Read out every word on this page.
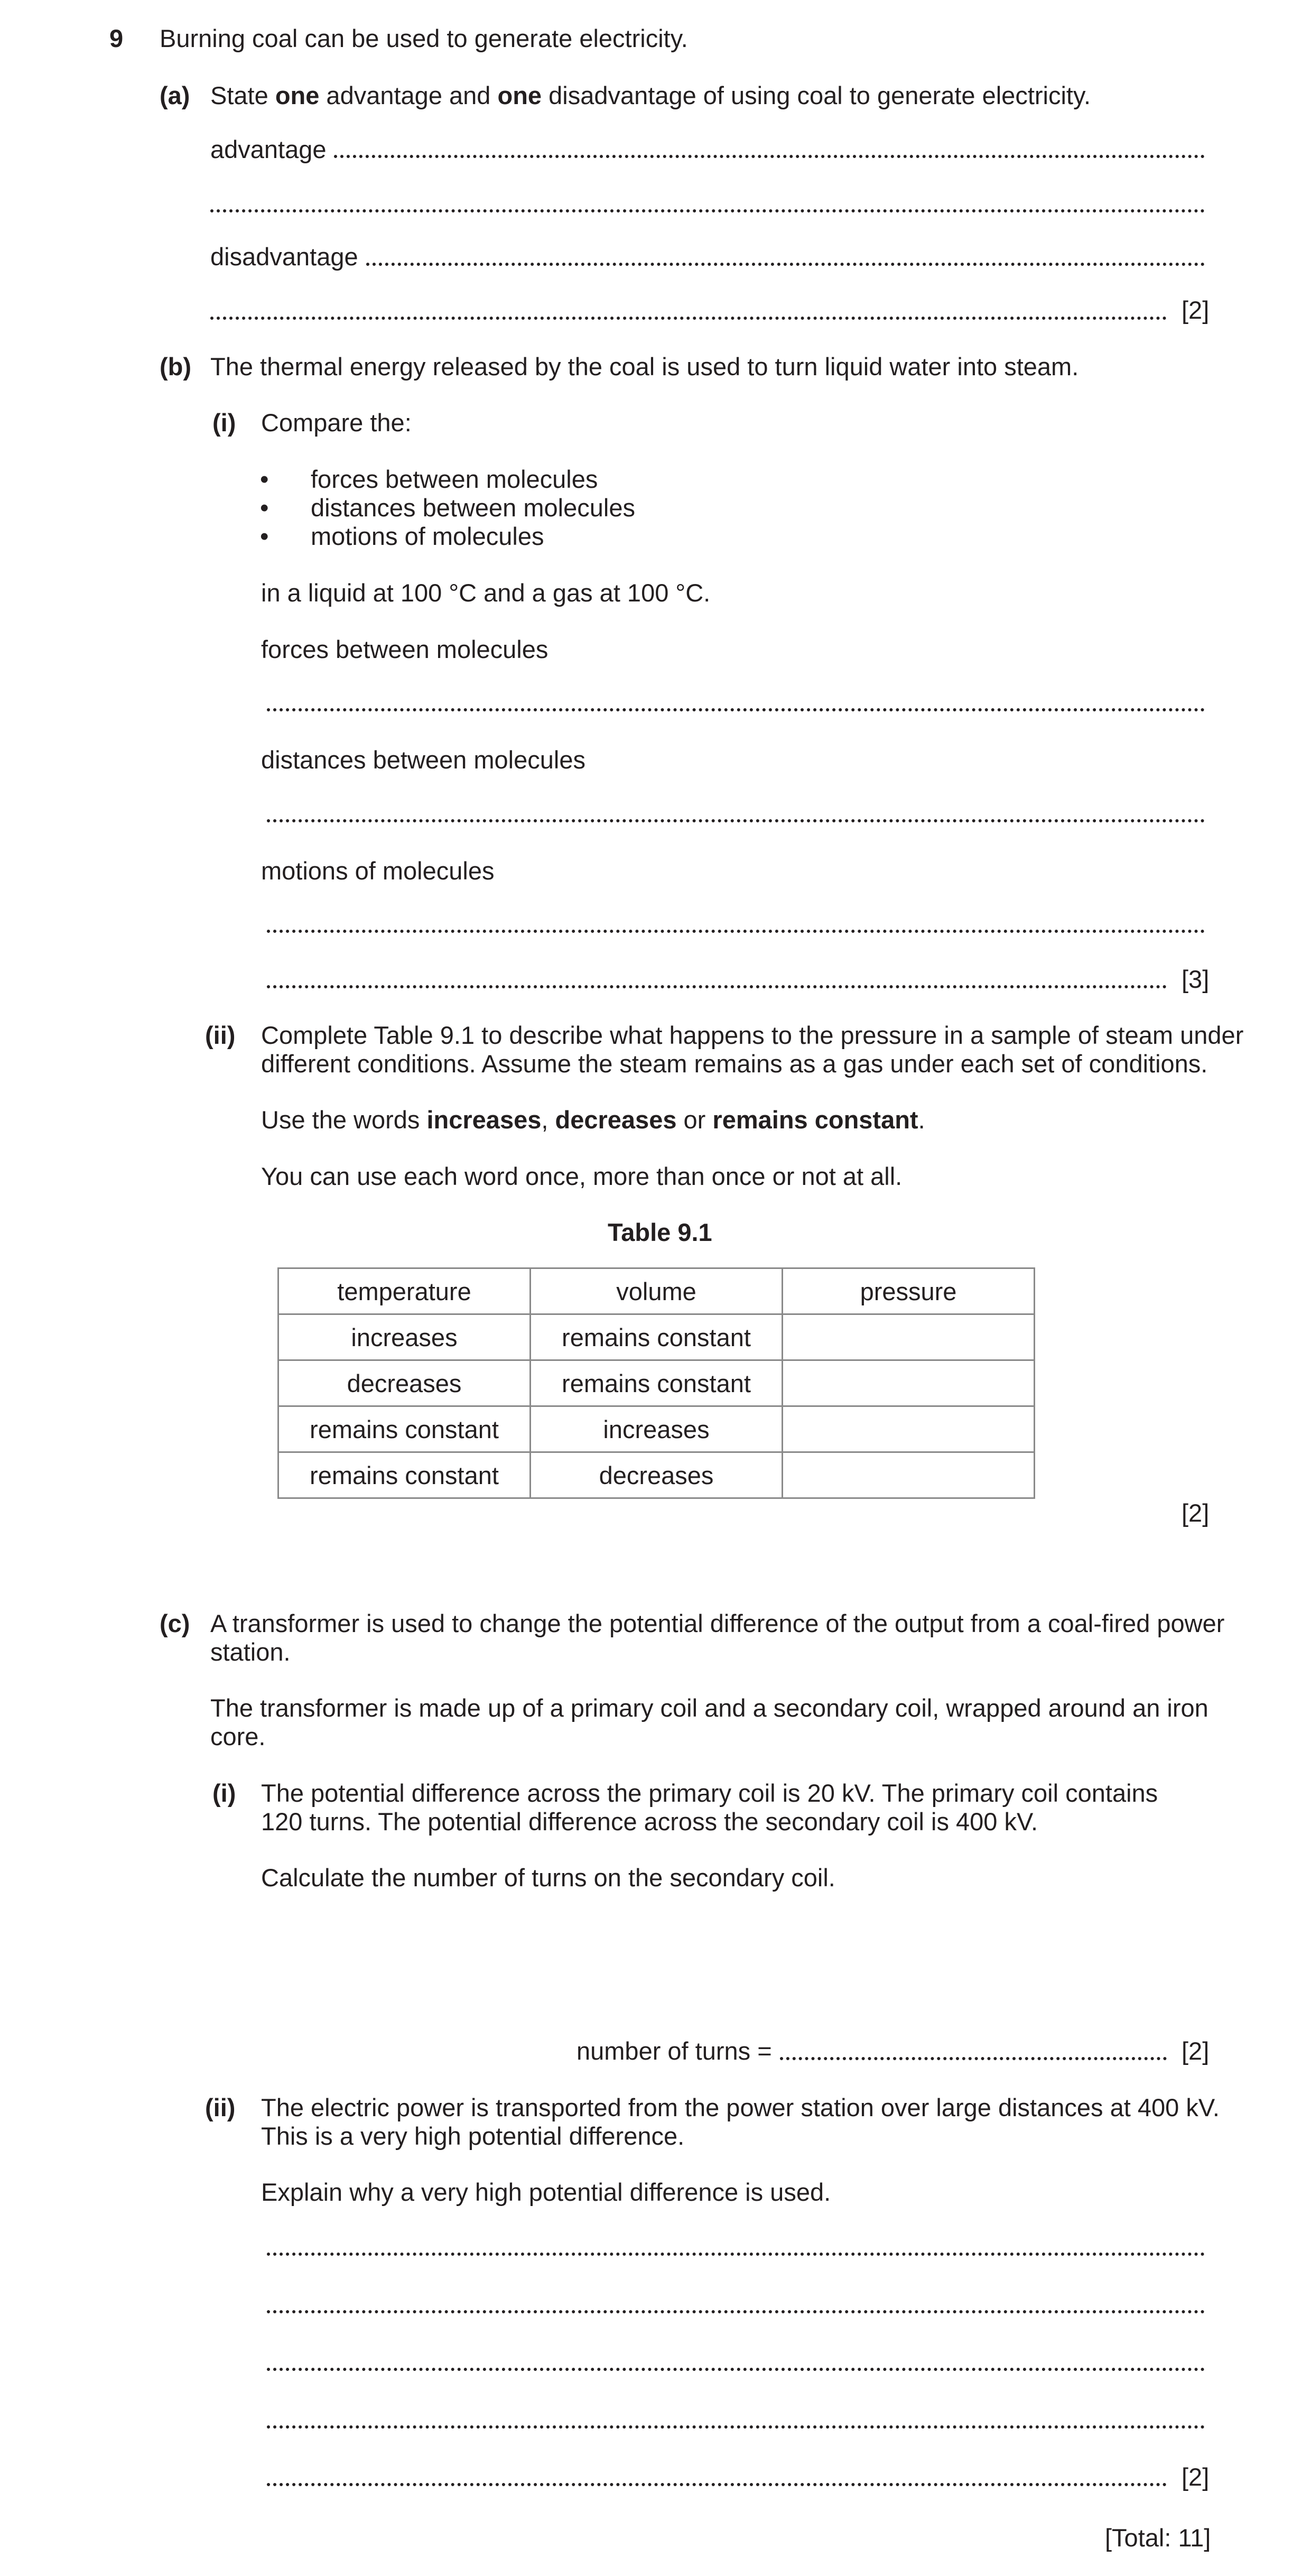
9 Burning coal can be used to generate electricity.
(a) State one advantage and one disadvantage of using coal to generate electricity.
advantage
disadvantage
[2]
(b) The thermal energy released by the coal is used to turn liquid water into steam.
(i) Compare the:
• forces between molecules
• distances between molecules
• motions of molecules
in a liquid at 100 °C and a gas at 100 °C.
forces between molecules
distances between molecules
motions of molecules
[3]
(ii) Complete Table 9.1 to describe what happens to the pressure in a sample of steam under
different conditions. Assume the steam remains as a gas under each set of conditions.
Use the words increases, decreases or remains constant.
You can use each word once, more than once or not at all.
Table 9.1
temperature	volume	pressure
increases	remains constant	
decreases	remains constant	
remains constant	increases	
remains constant	decreases	
[2]
(c) A transformer is used to change the potential difference of the output from a coal-fired power
station.
The transformer is made up of a primary coil and a secondary coil, wrapped around an iron
core.
(i) The potential difference across the primary coil is 20 kV. The primary coil contains
120 turns. The potential difference across the secondary coil is 400 kV.
Calculate the number of turns on the secondary coil.
number of turns =	[2]
(ii) The electric power is transported from the power station over large distances at 400 kV.
This is a very high potential difference.
Explain why a very high potential difference is used.
[2]
[Total: 11]
